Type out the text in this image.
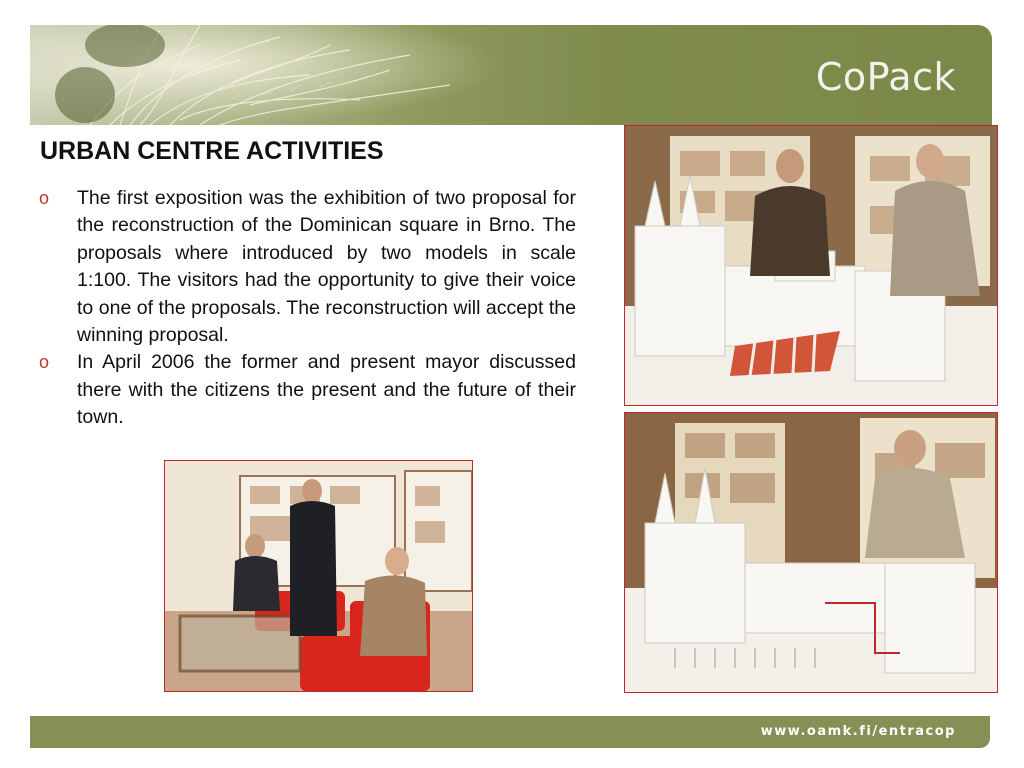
CoPack
URBAN CENTRE ACTIVITIES
o The first exposition was the exhibition of two proposal for the reconstruction of the Dominican square in Brno. The proposals where introduced by two models in scale 1:100. The visitors had the opportunity to give their voice to one of the proposals. The reconstruction will accept the winning proposal.
o In April 2006 the former and present mayor discussed there with the citizens the present and the future of their town.
www.oamk.fi/entracop
